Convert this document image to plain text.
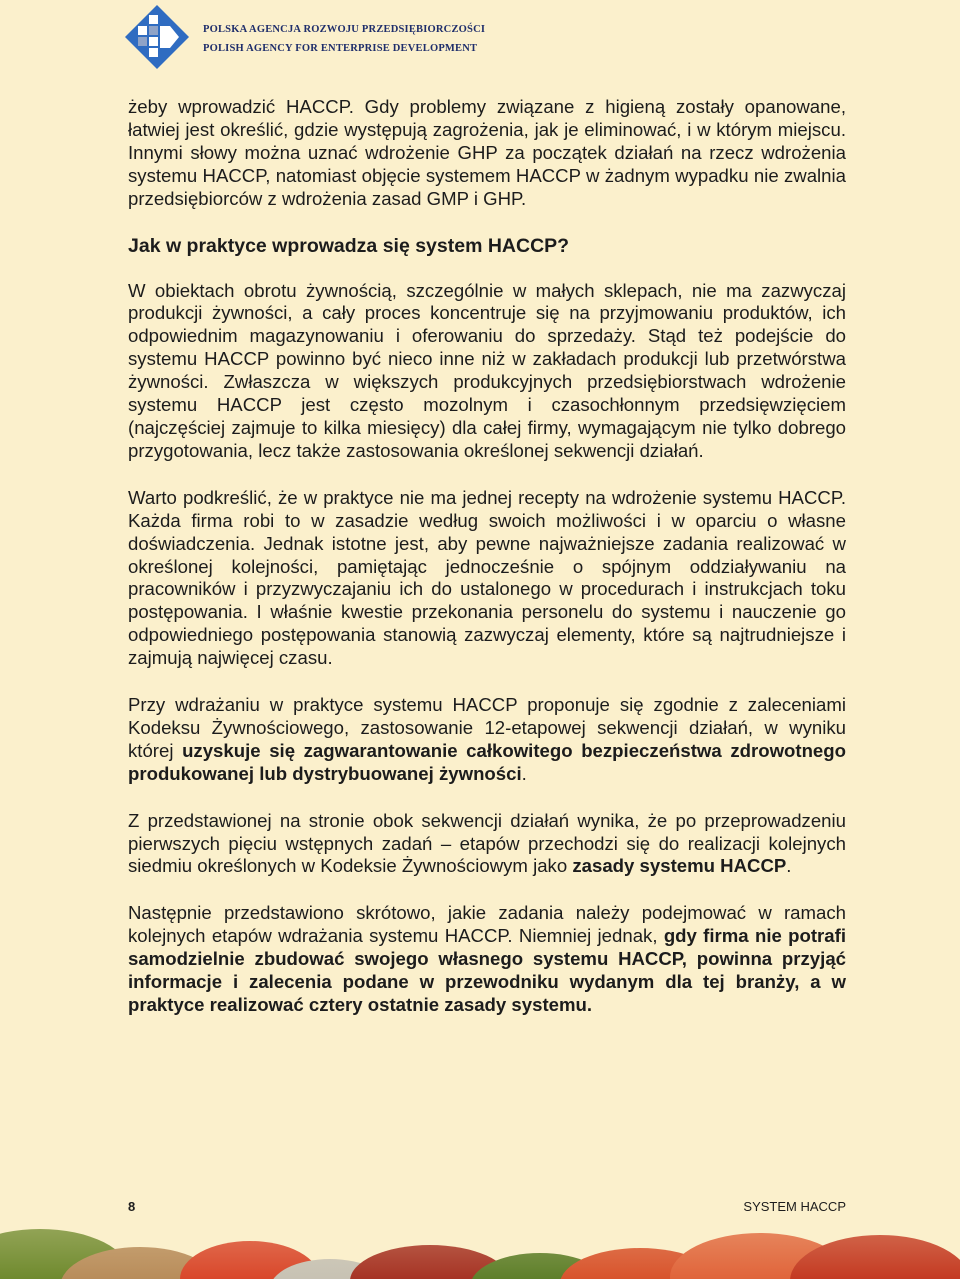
POLSKA AGENCJA ROZWOJU PRZEDSIĘBIORCZOŚCI
POLISH AGENCY FOR ENTERPRISE DEVELOPMENT

żeby wprowadzić HACCP. Gdy problemy związane z higieną zostały opanowane, łatwiej jest określić, gdzie występują zagrożenia, jak je eliminować, i w którym miejscu. Innymi słowy można uznać wdrożenie GHP za początek działań na rzecz wdrożenia systemu HACCP, natomiast objęcie systemem HACCP w żadnym wypadku nie zwalnia przedsiębiorców z wdrożenia zasad GMP i GHP.

Jak w praktyce wprowadza się system HACCP?

W obiektach obrotu żywnością, szczególnie w małych sklepach, nie ma zazwyczaj produkcji żywności, a cały proces koncentruje się na przyjmowaniu produktów, ich odpowiednim magazynowaniu i oferowaniu do sprzedaży. Stąd też podejście do systemu HACCP powinno być nieco inne niż w zakładach produkcji lub przetwórstwa żywności. Zwłaszcza w większych produkcyjnych przedsiębiorstwach wdrożenie systemu HACCP jest często mozolnym i czasochłonnym przedsięwzięciem (najczęściej zajmuje to kilka miesięcy) dla całej firmy, wymagającym nie tylko dobrego przygotowania, lecz także zastosowania określonej sekwencji działań.

Warto podkreślić, że w praktyce nie ma jednej recepty na wdrożenie systemu HACCP. Każda firma robi to w zasadzie według swoich możliwości i w oparciu o własne doświadczenia. Jednak istotne jest, aby pewne najważniejsze zadania realizować w określonej kolejności, pamiętając jednocześnie o spójnym oddziaływaniu na pracowników i przyzwyczajaniu ich do ustalonego w procedurach i instrukcjach toku postępowania. I właśnie kwestie przekonania personelu do systemu i nauczenie go odpowiedniego postępowania stanowią zazwyczaj elementy, które są najtrudniejsze i zajmują najwięcej czasu.

Przy wdrażaniu w praktyce systemu HACCP proponuje się zgodnie z zaleceniami Kodeksu Żywnościowego, zastosowanie 12-etapowej sekwencji działań, w wyniku której uzyskuje się zagwarantowanie całkowitego bezpieczeństwa zdrowotnego produkowanej lub dystrybuowanej żywności.

Z przedstawionej na stronie obok sekwencji działań wynika, że po przeprowadzeniu pierwszych pięciu wstępnych zadań – etapów przechodzi się do realizacji kolejnych siedmiu określonych w Kodeksie Żywnościowym jako zasady systemu HACCP.

Następnie przedstawiono skrótowo, jakie zadania należy podejmować w ramach kolejnych etapów wdrażania systemu HACCP. Niemniej jednak, gdy firma nie potrafi samodzielnie zbudować swojego własnego systemu HACCP, powinna przyjąć informacje i zalecenia podane w przewodniku wydanym dla tej branży, a w praktyce realizować cztery ostatnie zasady systemu.

8	SYSTEM HACCP
